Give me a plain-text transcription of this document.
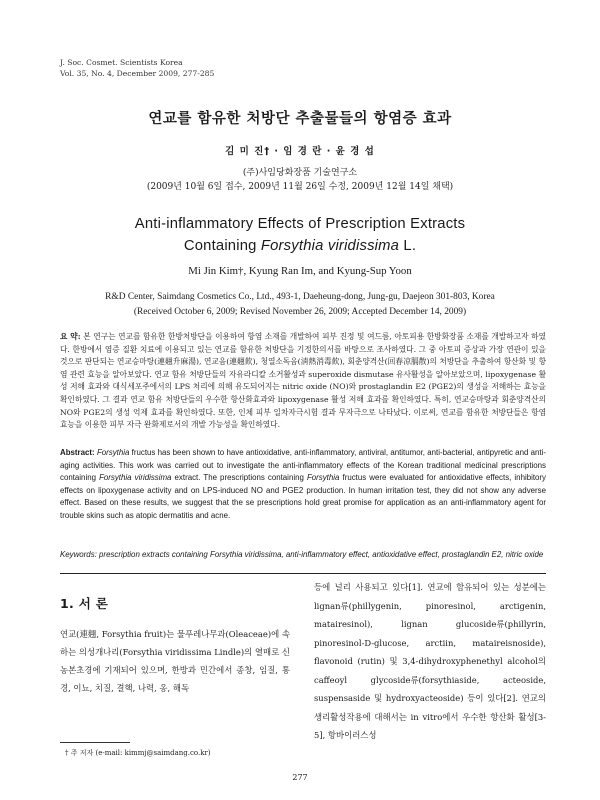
J. Soc. Cosmet. Scientists Korea
Vol. 35, No. 4, December 2009, 277-285
연교를 함유한 처방단 추출물들의 항염증 효과
김 미 진† · 임 경 란 · 윤 경 섭
(주)사임당화장품 기술연구소
(2009년 10월 6일 접수, 2009년 11월 26일 수정, 2009년 12월 14일 채택)
Anti-inflammatory Effects of Prescription Extracts
Containing Forsythia viridissima L.
Mi Jin Kim†, Kyung Ran Im, and Kyung-Sup Yoon
R&D Center, Saimdang Cosmetics Co., Ltd., 493-1, Daeheung-dong, Jung-gu, Daejeon 301-803, Korea
(Received October 6, 2009; Revised November 26, 2009; Accepted December 14, 2009)
요 약: 본 연구는 연교를 함유한 한방처방단을 이용하여 항염 소재를 개발하여 피부 진정 및 여드름, 아토피용 한방화장품 소재를 개발하고자 하였다. 한방에서 염증 질환 치료에 이용되고 있는 연교를 함유한 처방단을 기정한의서를 바탕으로 조사하였다. 그 중 아토피 증상과 가장 연관이 있을 것으로 판단되는 연교승마탕(連翹升麻湯), 연교음(連翹飮), 청열소독음(淸熱消毒飮), 회춘양격산(回春凉膈散)의 처방단을 추출하여 항산화 및 항염 관련 효능을 알아보았다. 연교 함유 처방단들의 자유라디칼 소거활성과 superoxide dismutase 유사활성을 알아보았으며, lipoxygenase 활성 저해 효과와 대식세포주에서의 LPS 처리에 의해 유도되어지는 nitric oxide (NO)와 prostaglandin E2 (PGE2)의 생성을 저해하는 효능을 확인하였다. 그 결과 연교 함유 처방단들의 우수한 항산화효과와 lipoxygenase 활성 저해 효과를 확인하였다. 특히, 연교승마탕과 회춘양격산의 NO와 PGE2의 생성 억제 효과를 확인하였다. 또한, 인체 피부 일차자극시험 결과 무자극으로 나타났다. 이로써, 연교를 함유한 처방단들은 항염 효능을 이용한 피부 자극 완화제로서의 개발 가능성을 확인하였다.
Abstract: Forsythia fructus has been shown to have antioxidative, anti-inflammatory, antiviral, antitumor, anti-bacterial, antipyretic and anti-aging activities. This work was carried out to investigate the anti-inflammatory effects of the Korean traditional medicinal prescriptions containing Forsythia viridissima extract. The prescriptions containing Forsythia fructus were evaluated for antioxidative effects, inhibitory effects on lipoxygenase activity and on LPS-induced NO and PGE2 production. In human irritation test, they did not show any adverse effect. Based on these results, we suggest that the se prescriptions hold great promise for application as an anti-inflammatory agent for trouble skins such as atopic dermatitis and acne.
Keywords: prescription extracts containing Forsythia viridissima, anti-inflammatory effect, antioxidative effect, prostaglandin E2, nitric oxide
1. 서 론

연교(連翹, Forsythia fruit)는 물푸레나무과(Oleaceae)에 속하는 의성개나리(Forsythia viridissima Lindle)의 열매로 신농본초경에 기재되어 있으며, 한방과 민간에서 종창, 임질, 통경, 이뇨, 치질, 결핵, 나력, 옹, 해독

등에 널리 사용되고 있다[1]. 연교에 함유되어 있는 성분에는 lignan류(phillygenin, pinoresinol, arctigenin, matairesinol), lignan glucoside류(phillyrin, pinoresinol-D-glucose, arctiin, mataireisnoside), flavonoid (rutin) 및 3,4-dihydroxyphenethyl alcohol의 caffeoyl glycoside류(forsythiaside, acteoside, suspensaside 및 hydroxyacteoside) 등이 있다[2]. 연교의 생리활성작용에 대해서는 in vitro에서 우수한 항산화 활성[3-5], 항바이러스성

† 주 저자 (e-mail: kimmj@saimdang.co.kr)
277
